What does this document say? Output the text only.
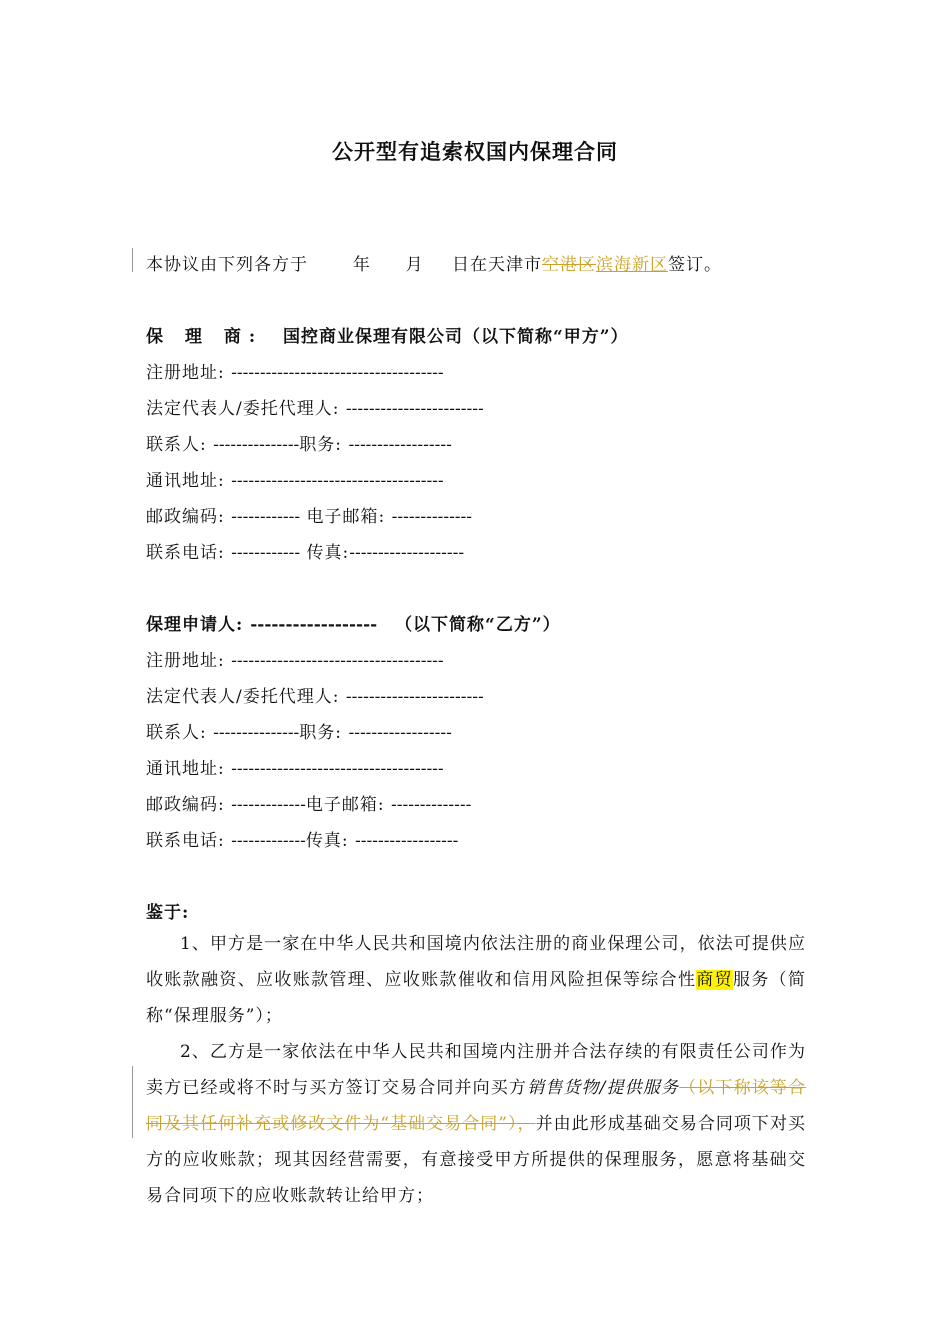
公开型有追索权国内保理合同
本协议由下列各方于	年 月 日在天津市空港区滨海新区签订。
保 理 商: 国控商业保理有限公司（以下简称“甲方”）
注册地址: -------------------------------------
法定代表人/委托代理人: ------------------------
联系人: ---------------职务: ------------------
通讯地址: -------------------------------------
邮政编码: ------------ 电子邮箱: --------------
联系电话: ------------ 传真:--------------------
保理申请人: ------------------ （以下简称“乙方”）
注册地址: -------------------------------------
法定代表人/委托代理人: ------------------------
联系人: ---------------职务: ------------------
通讯地址: -------------------------------------
邮政编码: -------------电子邮箱: --------------
联系电话: -------------传真: ------------------
鉴于:
1、甲方是一家在中华人民共和国境内依法注册的商业保理公司，依法可提供应收账款融资、应收账款管理、应收账款催收和信用风险担保等综合性商贸服务（简称“保理服务”）；
2、乙方是一家依法在中华人民共和国境内注册并合法存续的有限责任公司作为卖方已经或将不时与买方签订交易合同并向买方销售货物/提供服务（以下称该等合同及其任何补充或修改文件为“基础交易合同”），并由此形成基础交易合同项下对买方的应收账款；现其因经营需要，有意接受甲方所提供的保理服务，愿意将基础交易合同项下的应收账款转让给甲方；
